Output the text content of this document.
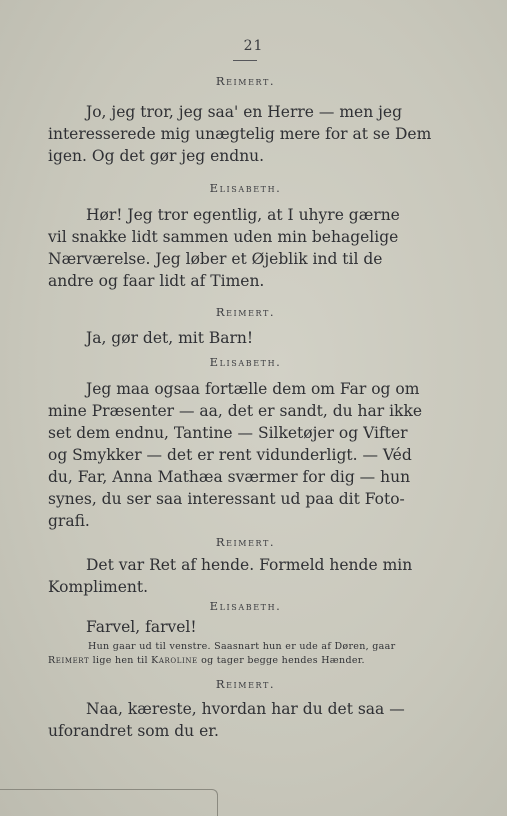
21
Reimert.
Jo, jeg tror, jeg saa' en Herre — men jeg
interesserede mig unægtelig mere for at se Dem
igen. Og det gør jeg endnu.
Elisabeth.
Hør! Jeg tror egentlig, at I uhyre gærne
vil snakke lidt sammen uden min behagelige
Nærværelse. Jeg løber et Øjeblik ind til de
andre og faar lidt af Timen.
Reimert.
Ja, gør det, mit Barn!
Elisabeth.
Jeg maa ogsaa fortælle dem om Far og om
mine Præsenter — aa, det er sandt, du har ikke
set dem endnu, Tantine — Silketøjer og Vifter
og Smykker — det er rent vidunderligt. — Véd
du, Far, Anna Mathæa sværmer for dig — hun
synes, du ser saa interessant ud paa dit Foto-
grafi.
Reimert.
Det var Ret af hende. Formeld hende min
Kompliment.
Elisabeth.
Farvel, farvel!
Hun gaar ud til venstre. Saasnart hun er ude af Døren, gaar
Reimert lige hen til Karoline og tager begge hendes Hænder.
Reimert.
Naa, kæreste, hvordan har du det saa —
uforandret som du er.
